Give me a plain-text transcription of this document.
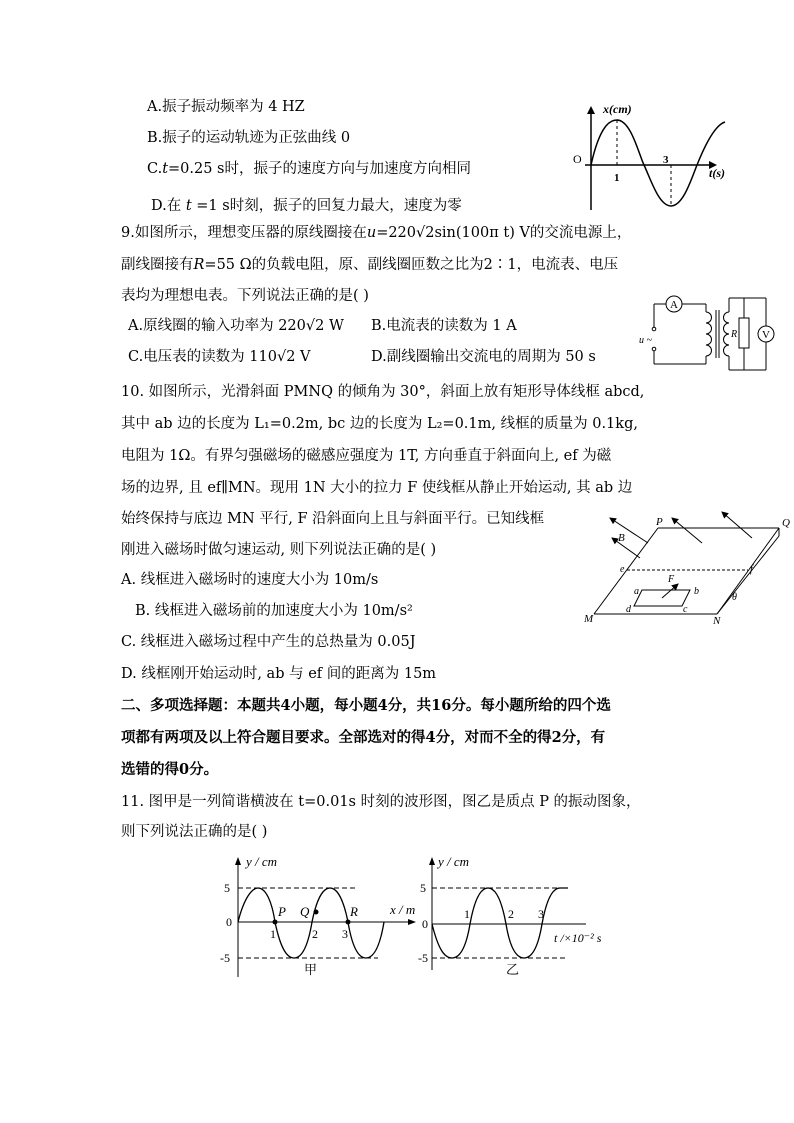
A.振子振动频率为 4 HZ
B.振子的运动轨迹为正弦曲线 0
C.t=0.25 s时，振子的速度方向与加速度方向相同
D.在 t =1 s时刻，振子的回复力最大，速度为零
x(cm)
O
1
3
t(s)
9.如图所示，理想变压器的原线圈接在u=220√2sin(100π t) V的交流电源上，
副线圈接有R=55 Ω的负载电阻，原、副线圈匝数之比为2∶1，电流表、电压
表均为理想电表。下列说法正确的是( )
A.原线圈的输入功率为 220√2 W B.电流表的读数为 1 A
C.电压表的读数为 110√2 V	D.副线圈输出交流电的周期为 50 s
A
R V
u ~
10. 如图所示，光滑斜面 PMNQ 的倾角为 30°，斜面上放有矩形导体线框 abcd,
其中 ab 边的长度为 L₁=0.2m, bc 边的长度为 L₂=0.1m, 线框的质量为 0.1kg,
电阻为 1Ω。有界匀强磁场的磁感应强度为 1T, 方向垂直于斜面向上, ef 为磁
场的边界, 且 ef∥MN。现用 1N 大小的拉力 F 使线框从静止开始运动, 其 ab 边
始终保持与底边 MN 平行, F 沿斜面向上且与斜面平行。已知线框
刚进入磁场时做匀速运动, 则下列说法正确的是( )
A. 线框进入磁场时的速度大小为 10m/s
B. 线框进入磁场前的加速度大小为 10m/s²
C. 线框进入磁场过程中产生的总热量为 0.05J
D. 线框刚开始运动时, ab 与 ef 间的距离为 15m
P	Q
B
e	f
F
a	b
c
d
M	N
θ
二、多项选择题：本题共4小题，每小题4分，共16分。每小题所给的四个选
项都有两项及以上符合题目要求。全部选对的得4分，对而不全的得2分，有
选错的得0分。
11. 图甲是一列简谐横波在 t=0.01s 时刻的波形图，图乙是质点 P 的振动图象，
则下列说法正确的是( )
y / cm
5
0
-5
1	2 3
P Q	R x / m
甲
y / cm
5
0
-5
1	2 3
t /×10⁻² s
乙
